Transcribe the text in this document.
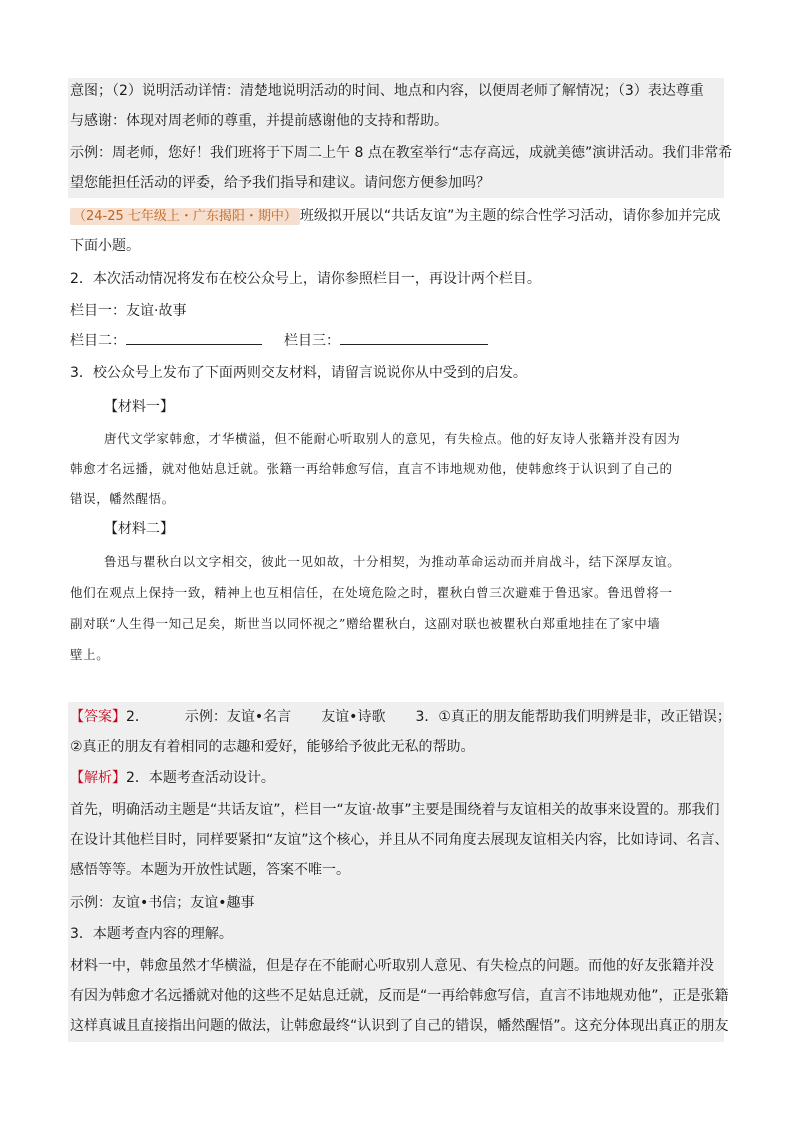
意图；（2）说明活动详情：清楚地说明活动的时间、地点和内容，以便周老师了解情况；（3）表达尊重
与感谢：体现对周老师的尊重，并提前感谢他的支持和帮助。
示例：周老师，您好！我们班将于下周二上午 8 点在教室举行“志存高远，成就美德”演讲活动。我们非常希
望您能担任活动的评委，给予我们指导和建议。请问您方便参加吗？
（24-25 七年级上・广东揭阳・期中） 班级拟开展以“共话友谊”为主题的综合性学习活动，请你参加并完成
下面小题。
2．本次活动情况将发布在校公众号上，请你参照栏目一，再设计两个栏目。
栏目一：友谊·故事
栏目二：	栏目三：
3．校公众号上发布了下面两则交友材料，请留言说说你从中受到的启发。
【材料一】
唐代文学家韩愈，才华横溢，但不能耐心听取别人的意见，有失检点。他的好友诗人张籍并没有因为
韩愈才名远播，就对他姑息迁就。张籍一再给韩愈写信，直言不讳地规劝他，使韩愈终于认识到了自己的
错误，幡然醒悟。
【材料二】
鲁迅与瞿秋白以文字相交，彼此一见如故，十分相契，为推动革命运动而并肩战斗，结下深厚友谊。
他们在观点上保持一致，精神上也互相信任，在处境危险之时，瞿秋白曾三次避难于鲁迅家。鲁迅曾将一
副对联“人生得一知己足矣，斯世当以同怀视之”赠给瞿秋白，这副对联也被瞿秋白郑重地挂在了家中墙
壁上。
【答案】2．	示例：友谊•名言 友谊•诗歌 3．①真正的朋友能帮助我们明辨是非，改正错误；
②真正的朋友有着相同的志趣和爱好，能够给予彼此无私的帮助。
【解析】2．本题考查活动设计。
首先，明确活动主题是“共话友谊”，栏目一“友谊·故事”主要是围绕着与友谊相关的故事来设置的。那我们
在设计其他栏目时，同样要紧扣“友谊”这个核心，并且从不同角度去展现友谊相关内容，比如诗词、名言、
感悟等等。本题为开放性试题，答案不唯一。
示例：友谊•书信；友谊•趣事
3．本题考查内容的理解。
材料一中，韩愈虽然才华横溢，但是存在不能耐心听取别人意见、有失检点的问题。而他的好友张籍并没
有因为韩愈才名远播就对他的这些不足姑息迁就，反而是“一再给韩愈写信，直言不讳地规劝他”，正是张籍
这样真诚且直接指出问题的做法，让韩愈最终“认识到了自己的错误，幡然醒悟”。这充分体现出真正的朋友
